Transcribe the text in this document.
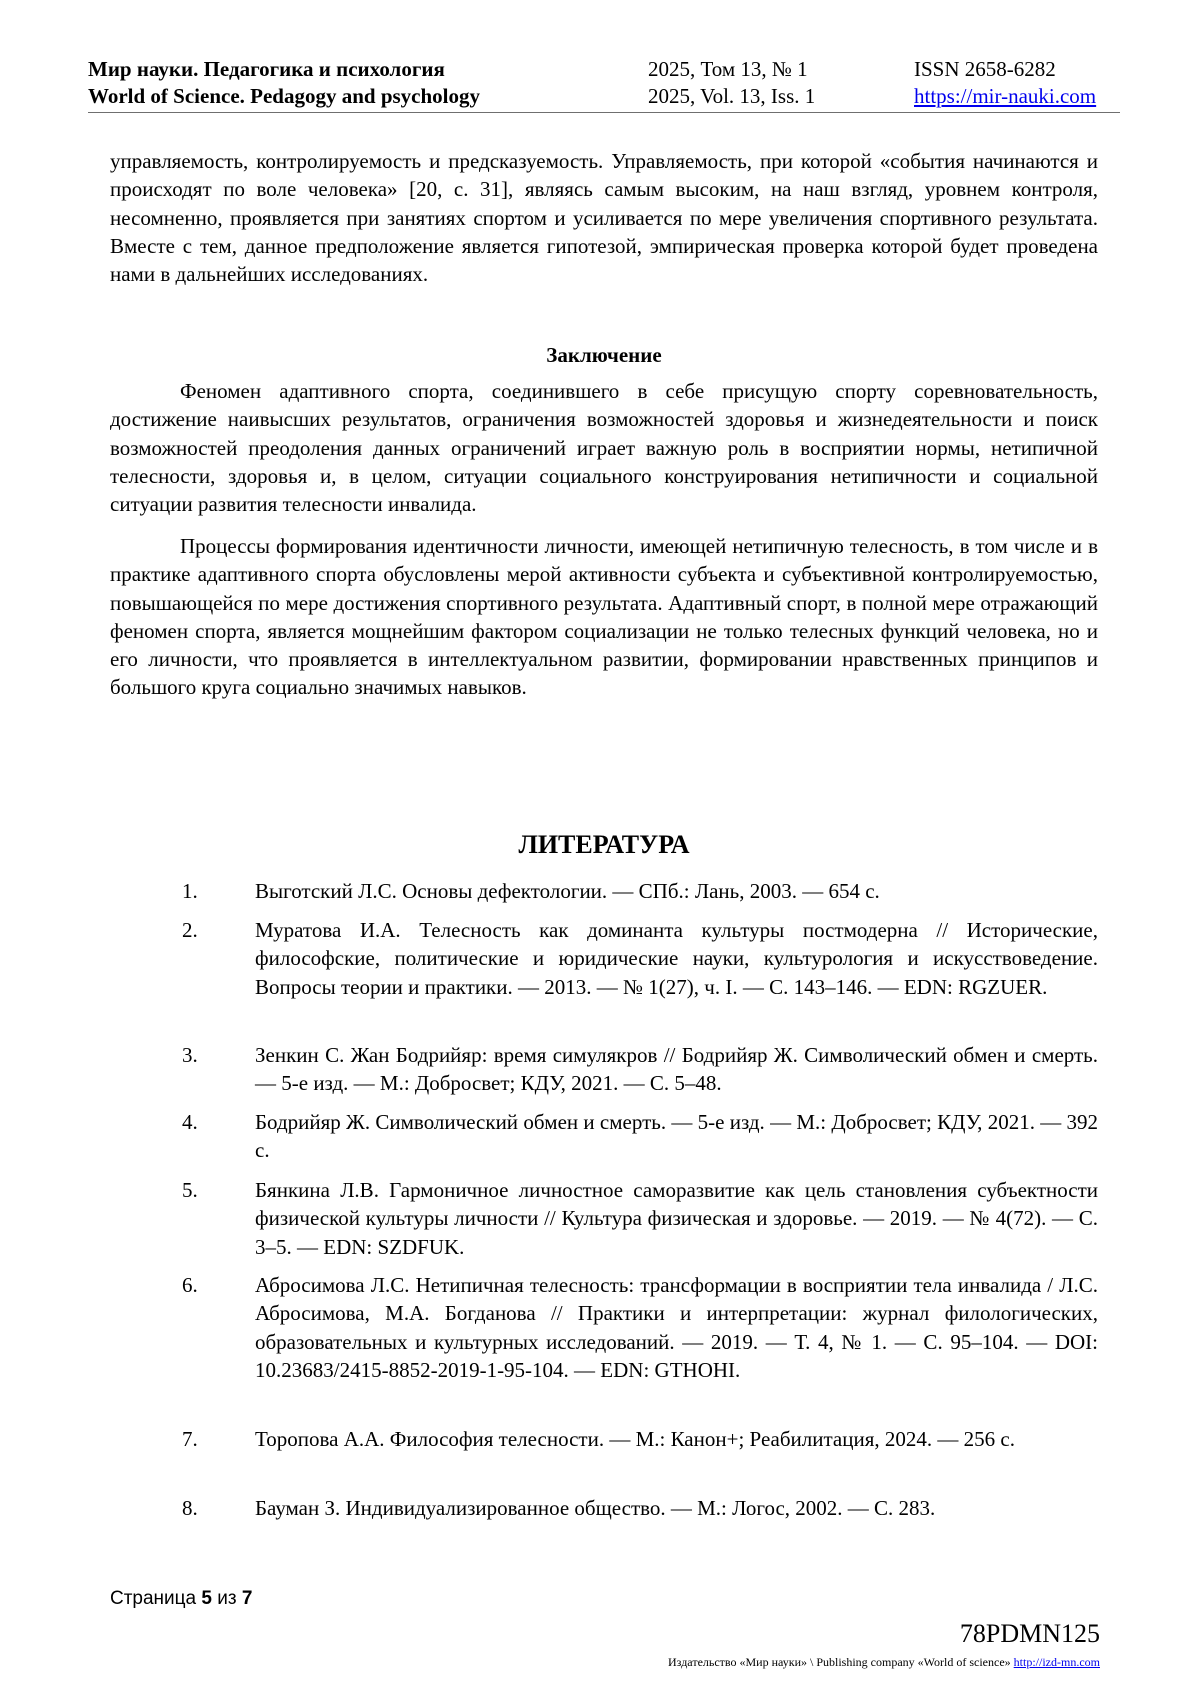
Мир науки. Педагогика и психология
World of Science. Pedagogy and psychology
2025, Том 13, № 1
2025, Vol. 13, Iss. 1
ISSN 2658-6282
https://mir-nauki.com

управляемость, контролируемость и предсказуемость. Управляемость, при которой «события начинаются и происходят по воле человека» [20, с. 31], являясь самым высоким, на наш взгляд, уровнем контроля, несомненно, проявляется при занятиях спортом и усиливается по мере увеличения спортивного результата. Вместе с тем, данное предположение является гипотезой, эмпирическая проверка которой будет проведена нами в дальнейших исследованиях.

Заключение

Феномен адаптивного спорта, соединившего в себе присущую спорту соревновательность, достижение наивысших результатов, ограничения возможностей здоровья и жизнедеятельности и поиск возможностей преодоления данных ограничений играет важную роль в восприятии нормы, нетипичной телесности, здоровья и, в целом, ситуации социального конструирования нетипичности и социальной ситуации развития телесности инвалида.

Процессы формирования идентичности личности, имеющей нетипичную телесность, в том числе и в практике адаптивного спорта обусловлены мерой активности субъекта и субъективной контролируемостью, повышающейся по мере достижения спортивного результата. Адаптивный спорт, в полной мере отражающий феномен спорта, является мощнейшим фактором социализации не только телесных функций человека, но и его личности, что проявляется в интеллектуальном развитии, формировании нравственных принципов и большого круга социально значимых навыков.

ЛИТЕРАТУРА
1.	Выготский Л.С. Основы дефектологии. — СПб.: Лань, 2003. — 654 с.
2.	Муратова И.А. Телесность как доминанта культуры постмодерна // Исторические, философские, политические и юридические науки, культурология и искусствоведение. Вопросы теории и практики. — 2013. — № 1(27), ч. I. — С. 143–146. — EDN: RGZUER.
3.	Зенкин С. Жан Бодрийяр: время симулякров // Бодрийяр Ж. Символический обмен и смерть. — 5-е изд. — М.: Добросвет; КДУ, 2021. — С. 5–48.
4.	Бодрийяр Ж. Символический обмен и смерть. — 5-е изд. — М.: Добросвет; КДУ, 2021. — 392 с.
5.	Бянкина Л.В. Гармоничное личностное саморазвитие как цель становления субъектности физической культуры личности // Культура физическая и здоровье. — 2019. — № 4(72). — С. 3–5. — EDN: SZDFUK.
6.	Абросимова Л.С. Нетипичная телесность: трансформации в восприятии тела инвалида / Л.С. Абросимова, М.А. Богданова // Практики и интерпретации: журнал филологических, образовательных и культурных исследований. — 2019. — Т. 4, № 1. — С. 95–104. — DOI: 10.23683/2415-8852-2019-1-95-104. — EDN: GTHOHI.
7.	Торопова А.А. Философия телесности. — М.: Канон+; Реабилитация, 2024. — 256 с.
8.	Бауман З. Индивидуализированное общество. — М.: Логос, 2002. — С. 283.
Страница 5 из 7
78PDMN125
Издательство «Мир науки» \ Publishing company «World of science» http://izd-mn.com
